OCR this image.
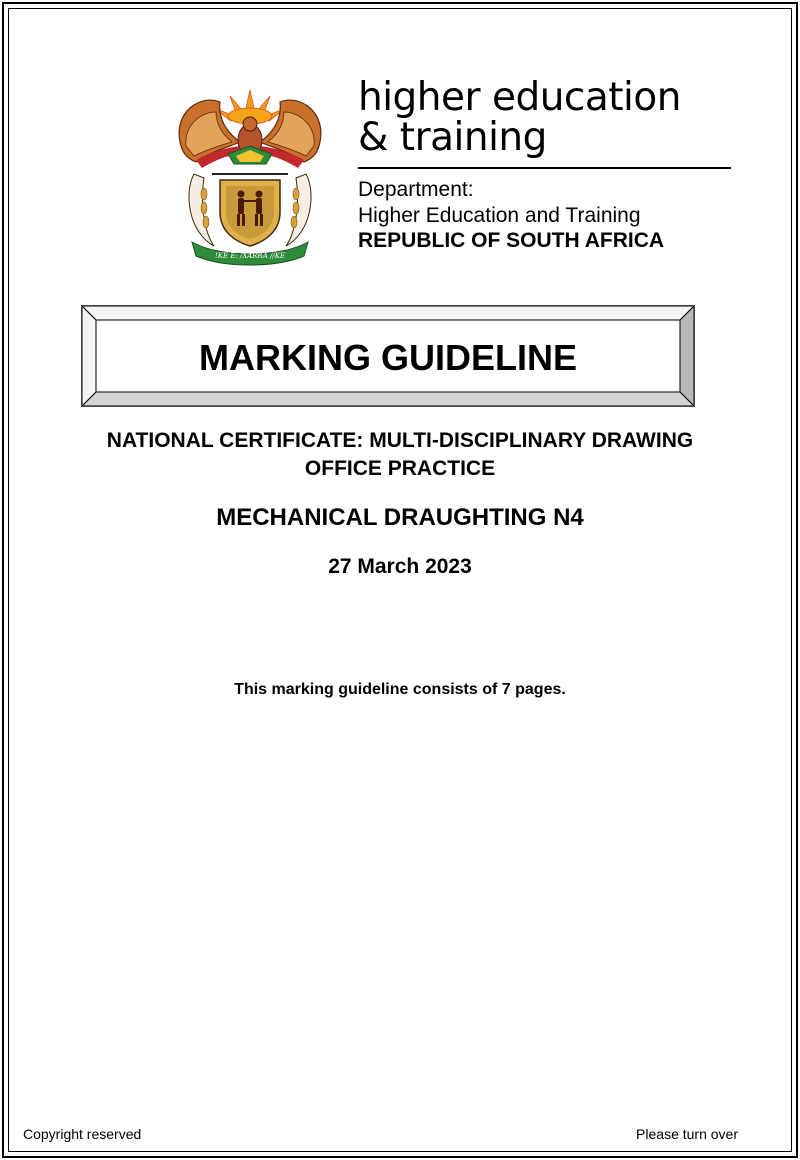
!KE E: /XARRA //KE
higher education
& training
Department:
Higher Education and Training
REPUBLIC OF SOUTH AFRICA
MARKING GUIDELINE
NATIONAL CERTIFICATE: MULTI-DISCIPLINARY DRAWING
OFFICE PRACTICE
MECHANICAL DRAUGHTING N4
27 March 2023
This marking guideline consists of 7 pages.
Copyright reserved	Please turn over
